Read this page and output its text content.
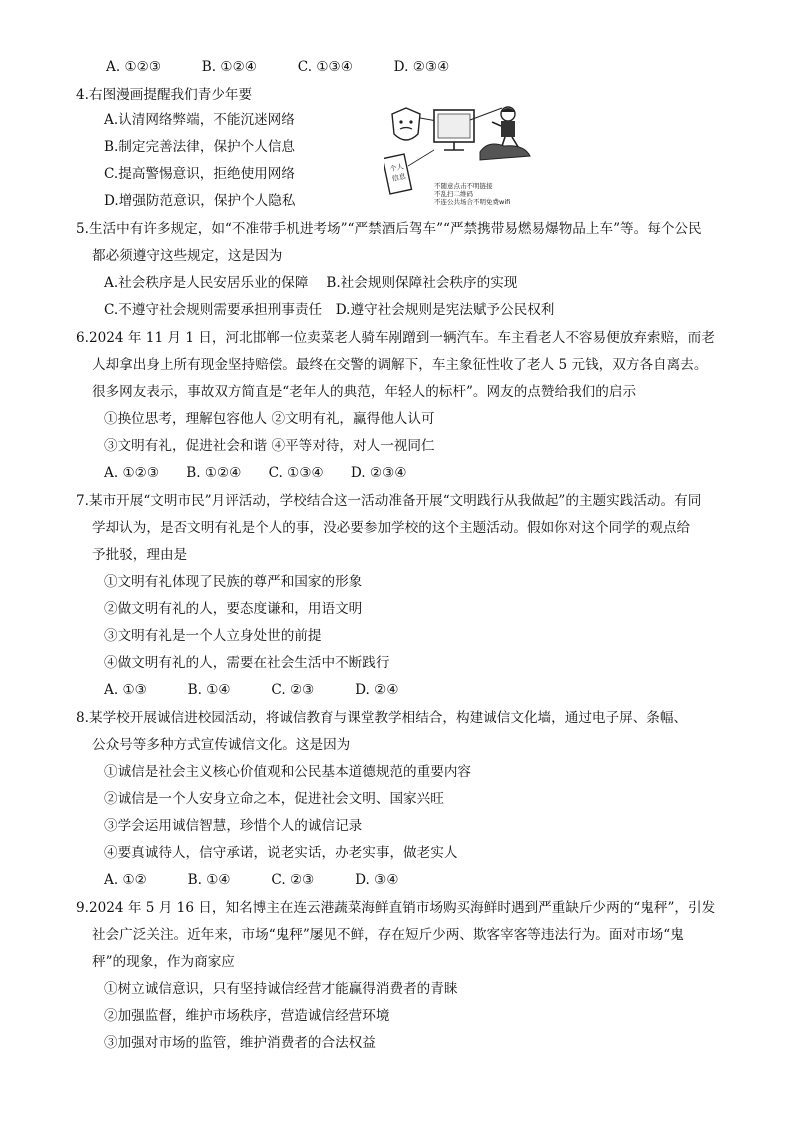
A. ①②③　　　B. ①②④　　　C. ①③④　　　D. ②③④
4.右图漫画提醒我们青少年要
A.认清网络弊端，不能沉迷网络
B.制定完善法律，保护个人信息
C.提高警惕意识，拒绝使用网络
D.增强防范意识，保护个人隐私
个人
信息
不随意点击不明链接
不乱扫二维码
不连公共场合不明免费wifi
5.生活中有许多规定，如“不准带手机进考场”“严禁酒后驾车”“严禁携带易燃易爆物品上车”等。每个公民
都必须遵守这些规定，这是因为
A.社会秩序是人民安居乐业的保障　 B.社会规则保障社会秩序的实现
C.不遵守社会规则需要承担刑事责任　D.遵守社会规则是宪法赋予公民权利
6.2024 年 11 月 1 日，河北邯郸一位卖菜老人骑车剐蹭到一辆汽车。车主看老人不容易便放弃索赔，而老
人却拿出身上所有现金坚持赔偿。最终在交警的调解下，车主象征性收了老人 5 元钱，双方各自离去。
很多网友表示，事故双方简直是“老年人的典范，年轻人的标杆”。网友的点赞给我们的启示
①换位思考，理解包容他人 ②文明有礼，赢得他人认可
③文明有礼，促进社会和谐 ④平等对待，对人一视同仁
A. ①②③　　B. ①②④　　C. ①③④　　D. ②③④
7.某市开展“文明市民”月评活动，学校结合这一活动准备开展“文明践行从我做起”的主题实践活动。有同
学却认为，是否文明有礼是个人的事，没必要参加学校的这个主题活动。假如你对这个同学的观点给
予批驳，理由是
①文明有礼体现了民族的尊严和国家的形象
②做文明有礼的人，要态度谦和，用语文明
③文明有礼是一个人立身处世的前提
④做文明有礼的人，需要在社会生活中不断践行
A. ①③　　　B. ①④　　　C. ②③　　　D. ②④
8.某学校开展诚信进校园活动，将诚信教育与课堂教学相结合，构建诚信文化墙，通过电子屏、条幅、
公众号等多种方式宣传诚信文化。这是因为
①诚信是社会主义核心价值观和公民基本道德规范的重要内容
②诚信是一个人安身立命之本，促进社会文明、国家兴旺
③学会运用诚信智慧，珍惜个人的诚信记录
④要真诚待人，信守承诺，说老实话，办老实事，做老实人
A. ①②　　　B. ①④　　　C. ②③　　　D. ③④
9.2024 年 5 月 16 日，知名博主在连云港蔬菜海鲜直销市场购买海鲜时遇到严重缺斤少两的“鬼秤”，引发
社会广泛关注。近年来，市场“鬼秤”屡见不鲜，存在短斤少两、欺客宰客等违法行为。面对市场“鬼
秤”的现象，作为商家应
①树立诚信意识，只有坚持诚信经营才能赢得消费者的青睐
②加强监督，维护市场秩序，营造诚信经营环境
③加强对市场的监管，维护消费者的合法权益
